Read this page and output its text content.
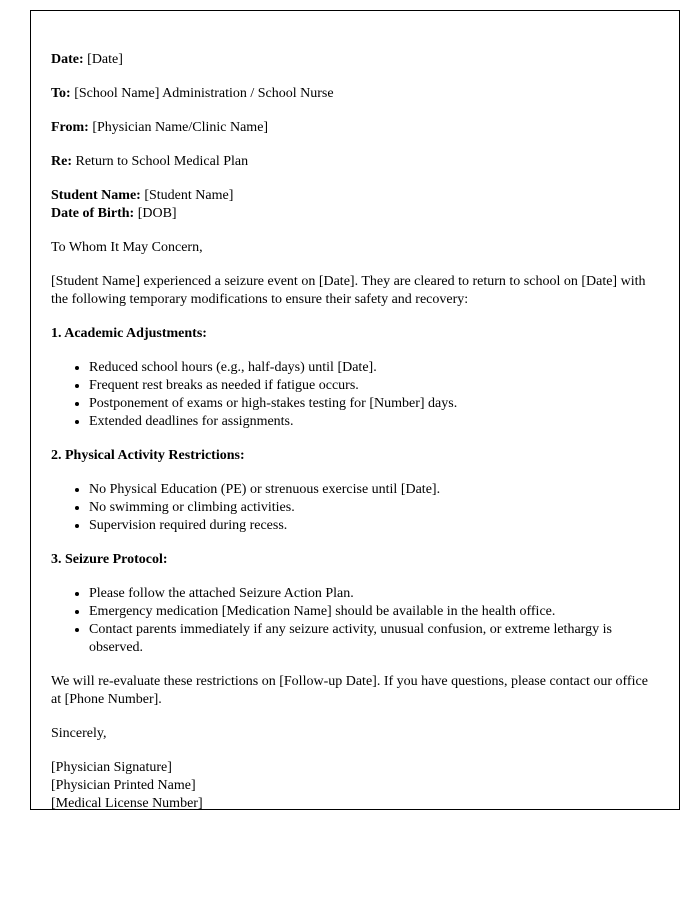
Date: [Date]

To: [School Name] Administration / School Nurse

From: [Physician Name/Clinic Name]

Re: Return to School Medical Plan

Student Name: [Student Name]
Date of Birth: [DOB]

To Whom It May Concern,

[Student Name] experienced a seizure event on [Date]. They are cleared to return to school on [Date] with the following temporary modifications to ensure their safety and recovery:

1. Academic Adjustments:

• Reduced school hours (e.g., half-days) until [Date].
• Frequent rest breaks as needed if fatigue occurs.
• Postponement of exams or high-stakes testing for [Number] days.
• Extended deadlines for assignments.

2. Physical Activity Restrictions:

• No Physical Education (PE) or strenuous exercise until [Date].
• No swimming or climbing activities.
• Supervision required during recess.

3. Seizure Protocol:

• Please follow the attached Seizure Action Plan.
• Emergency medication [Medication Name] should be available in the health office.
• Contact parents immediately if any seizure activity, unusual confusion, or extreme lethargy is observed.

We will re-evaluate these restrictions on [Follow-up Date]. If you have questions, please contact our office at [Phone Number].

Sincerely,

[Physician Signature]
[Physician Printed Name]
[Medical License Number]
